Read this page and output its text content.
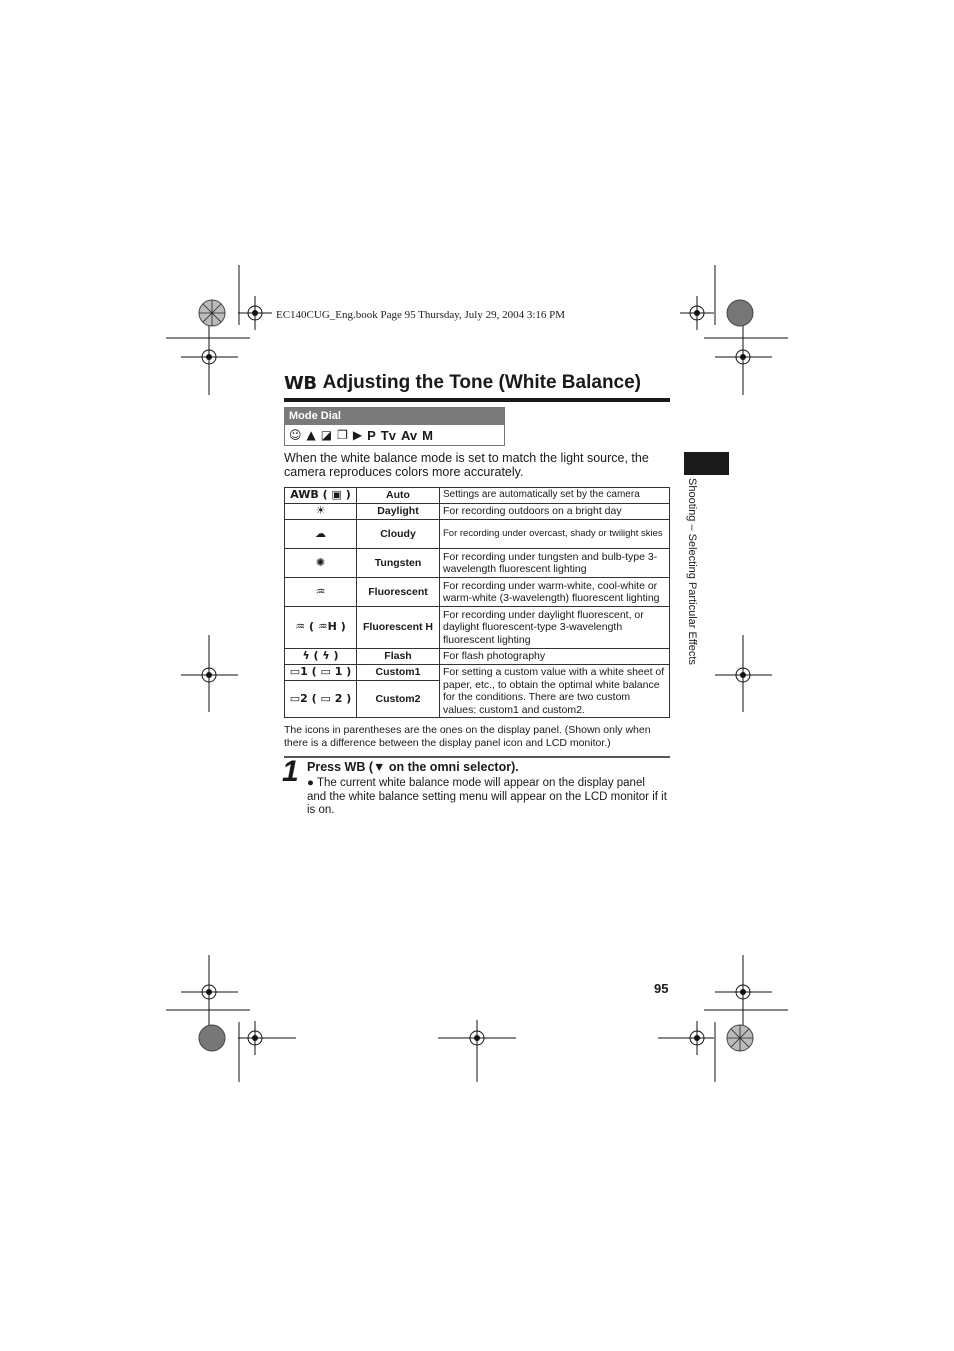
EC140CUG_Eng.book Page 95 Thursday, July 29, 2004 3:16 PM
WB Adjusting the Tone (White Balance)
Mode Dial
☺ ▲ ◪ ❐ ▶ P Tv Av M
When the white balance mode is set to match the light source, the camera reproduces colors more accurately.
AWB ( ▣ )	Auto	Settings are automatically set by the camera
☀	Daylight	For recording outdoors on a bright day
☁	Cloudy	For recording under overcast, shady or twilight skies
✺	Tungsten	For recording under tungsten and bulb-type 3-wavelength fluorescent lighting
♒	Fluorescent	For recording under warm-white, cool-white or warm-white (3-wavelength) fluorescent lighting
♒ ( ♒H )	Fluorescent H	For recording under daylight fluorescent, or daylight fluorescent-type 3-wavelength fluorescent lighting
ϟ ( ϟ )	Flash	For flash photography
▭1 ( ▭ 1 )	Custom1	For setting a custom value with a white sheet of paper, etc., to obtain the optimal white balance for the conditions. There are two custom values: custom1 and custom2.
▭2 ( ▭ 2 )	Custom2	
The icons in parentheses are the ones on the display panel. (Shown only when there is a difference between the display panel icon and LCD monitor.)
1 Press WB (▼ on the omni selector).
● The current white balance mode will appear on the display panel and the white balance setting menu will appear on the LCD monitor if it is on.
Shooting – Selecting Particular Effects
95
